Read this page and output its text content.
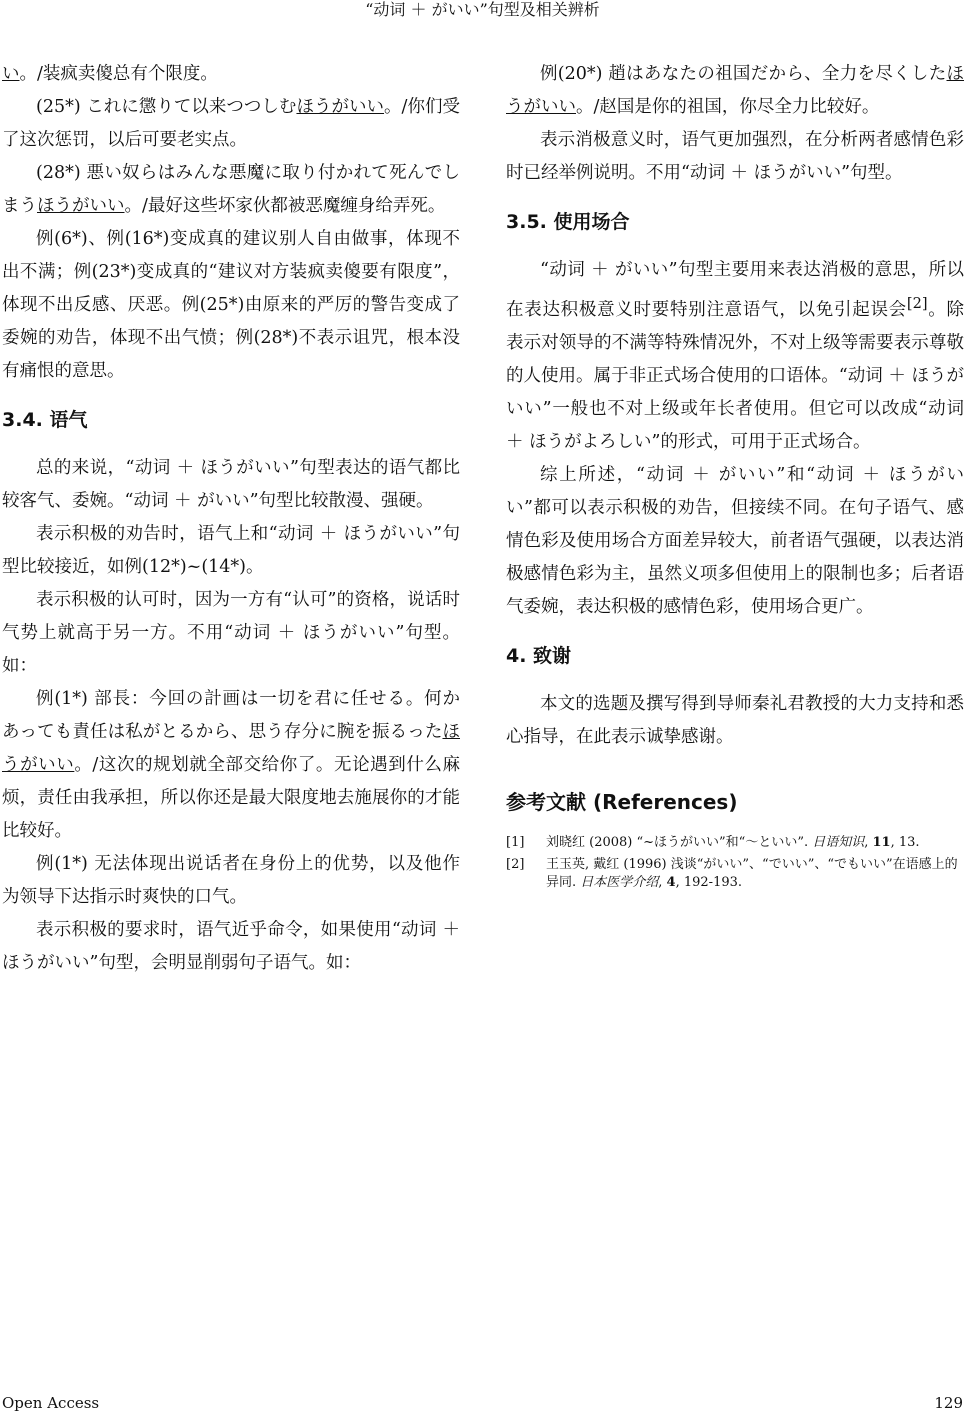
“动词 ＋ がいい”句型及相关辨析

い。/装疯卖傻总有个限度。

(25*) これに懲りて以来つつしむほうがいい。/你们受了这次惩罚，以后可要老实点。

(28*) 悪い奴らはみんな悪魔に取り付かれて死んでしまうほうがいい。/最好这些坏家伙都被恶魔缠身给弄死。

例(6*)、例(16*)变成真的建议别人自由做事，体现不出不满；例(23*)变成真的“建议对方装疯卖傻要有限度”，体现不出反感、厌恶。例(25*)由原来的严厉的警告变成了委婉的劝告，体现不出气愤；例(28*)不表示诅咒，根本没有痛恨的意思。

3.4. 语气

总的来说，“动词 ＋ ほうがいい”句型表达的语气都比较客气、委婉。“动词 ＋ がいい”句型比较散漫、强硬。

表示积极的劝告时，语气上和“动词 ＋ ほうがいい”句型比较接近，如例(12*)~(14*)。

表示积极的认可时，因为一方有“认可”的资格，说话时气势上就高于另一方。不用“动词 ＋ ほうがいい”句型。如：

例(1*) 部長：今回の計画は一切を君に任せる。何かあっても責任は私がとるから、思う存分に腕を振るったほうがいい。/这次的规划就全部交给你了。无论遇到什么麻烦，责任由我承担，所以你还是最大限度地去施展你的才能比较好。

例(1*) 无法体现出说话者在身份上的优势，以及他作为领导下达指示时爽快的口气。

表示积极的要求时，语气近乎命令，如果使用“动词 ＋ ほうがいい”句型，会明显削弱句子语气。如：

例(20*) 趙はあなたの祖国だから、全力を尽くしたほうがいい。/赵国是你的祖国，你尽全力比较好。

表示消极意义时，语气更加强烈，在分析两者感情色彩时已经举例说明。不用“动词 ＋ ほうがいい”句型。

3.5. 使用场合

“动词 ＋ がいい”句型主要用来表达消极的意思，所以在表达积极意义时要特别注意语气，以免引起误会[2]。除表示对领导的不满等特殊情况外，不对上级等需要表示尊敬的人使用。属于非正式场合使用的口语体。“动词 ＋ ほうがいい”一般也不对上级或年长者使用。但它可以改成“动词 ＋ ほうがよろしい”的形式，可用于正式场合。

综上所述，“动词 ＋ がいい”和“动词 ＋ ほうがいい”都可以表示积极的劝告，但接续不同。在句子语气、感情色彩及使用场合方面差异较大，前者语气强硬，以表达消极感情色彩为主，虽然义项多但使用上的限制也多；后者语气委婉，表达积极的感情色彩，使用场合更广。

4. 致谢

本文的选题及撰写得到导师秦礼君教授的大力支持和悉心指导，在此表示诚挚感谢。

参考文献 (References)
[1]	刘晓红 (2008) “~ほうがいい”和“～といい”. 日语知识, 11, 13.
[2]	王玉英, 戴红 (1996) 浅谈“がいい”、“でいい”、“でもいい”在语感上的异同. 日本医学介绍, 4, 192-193.
Open Access	129
